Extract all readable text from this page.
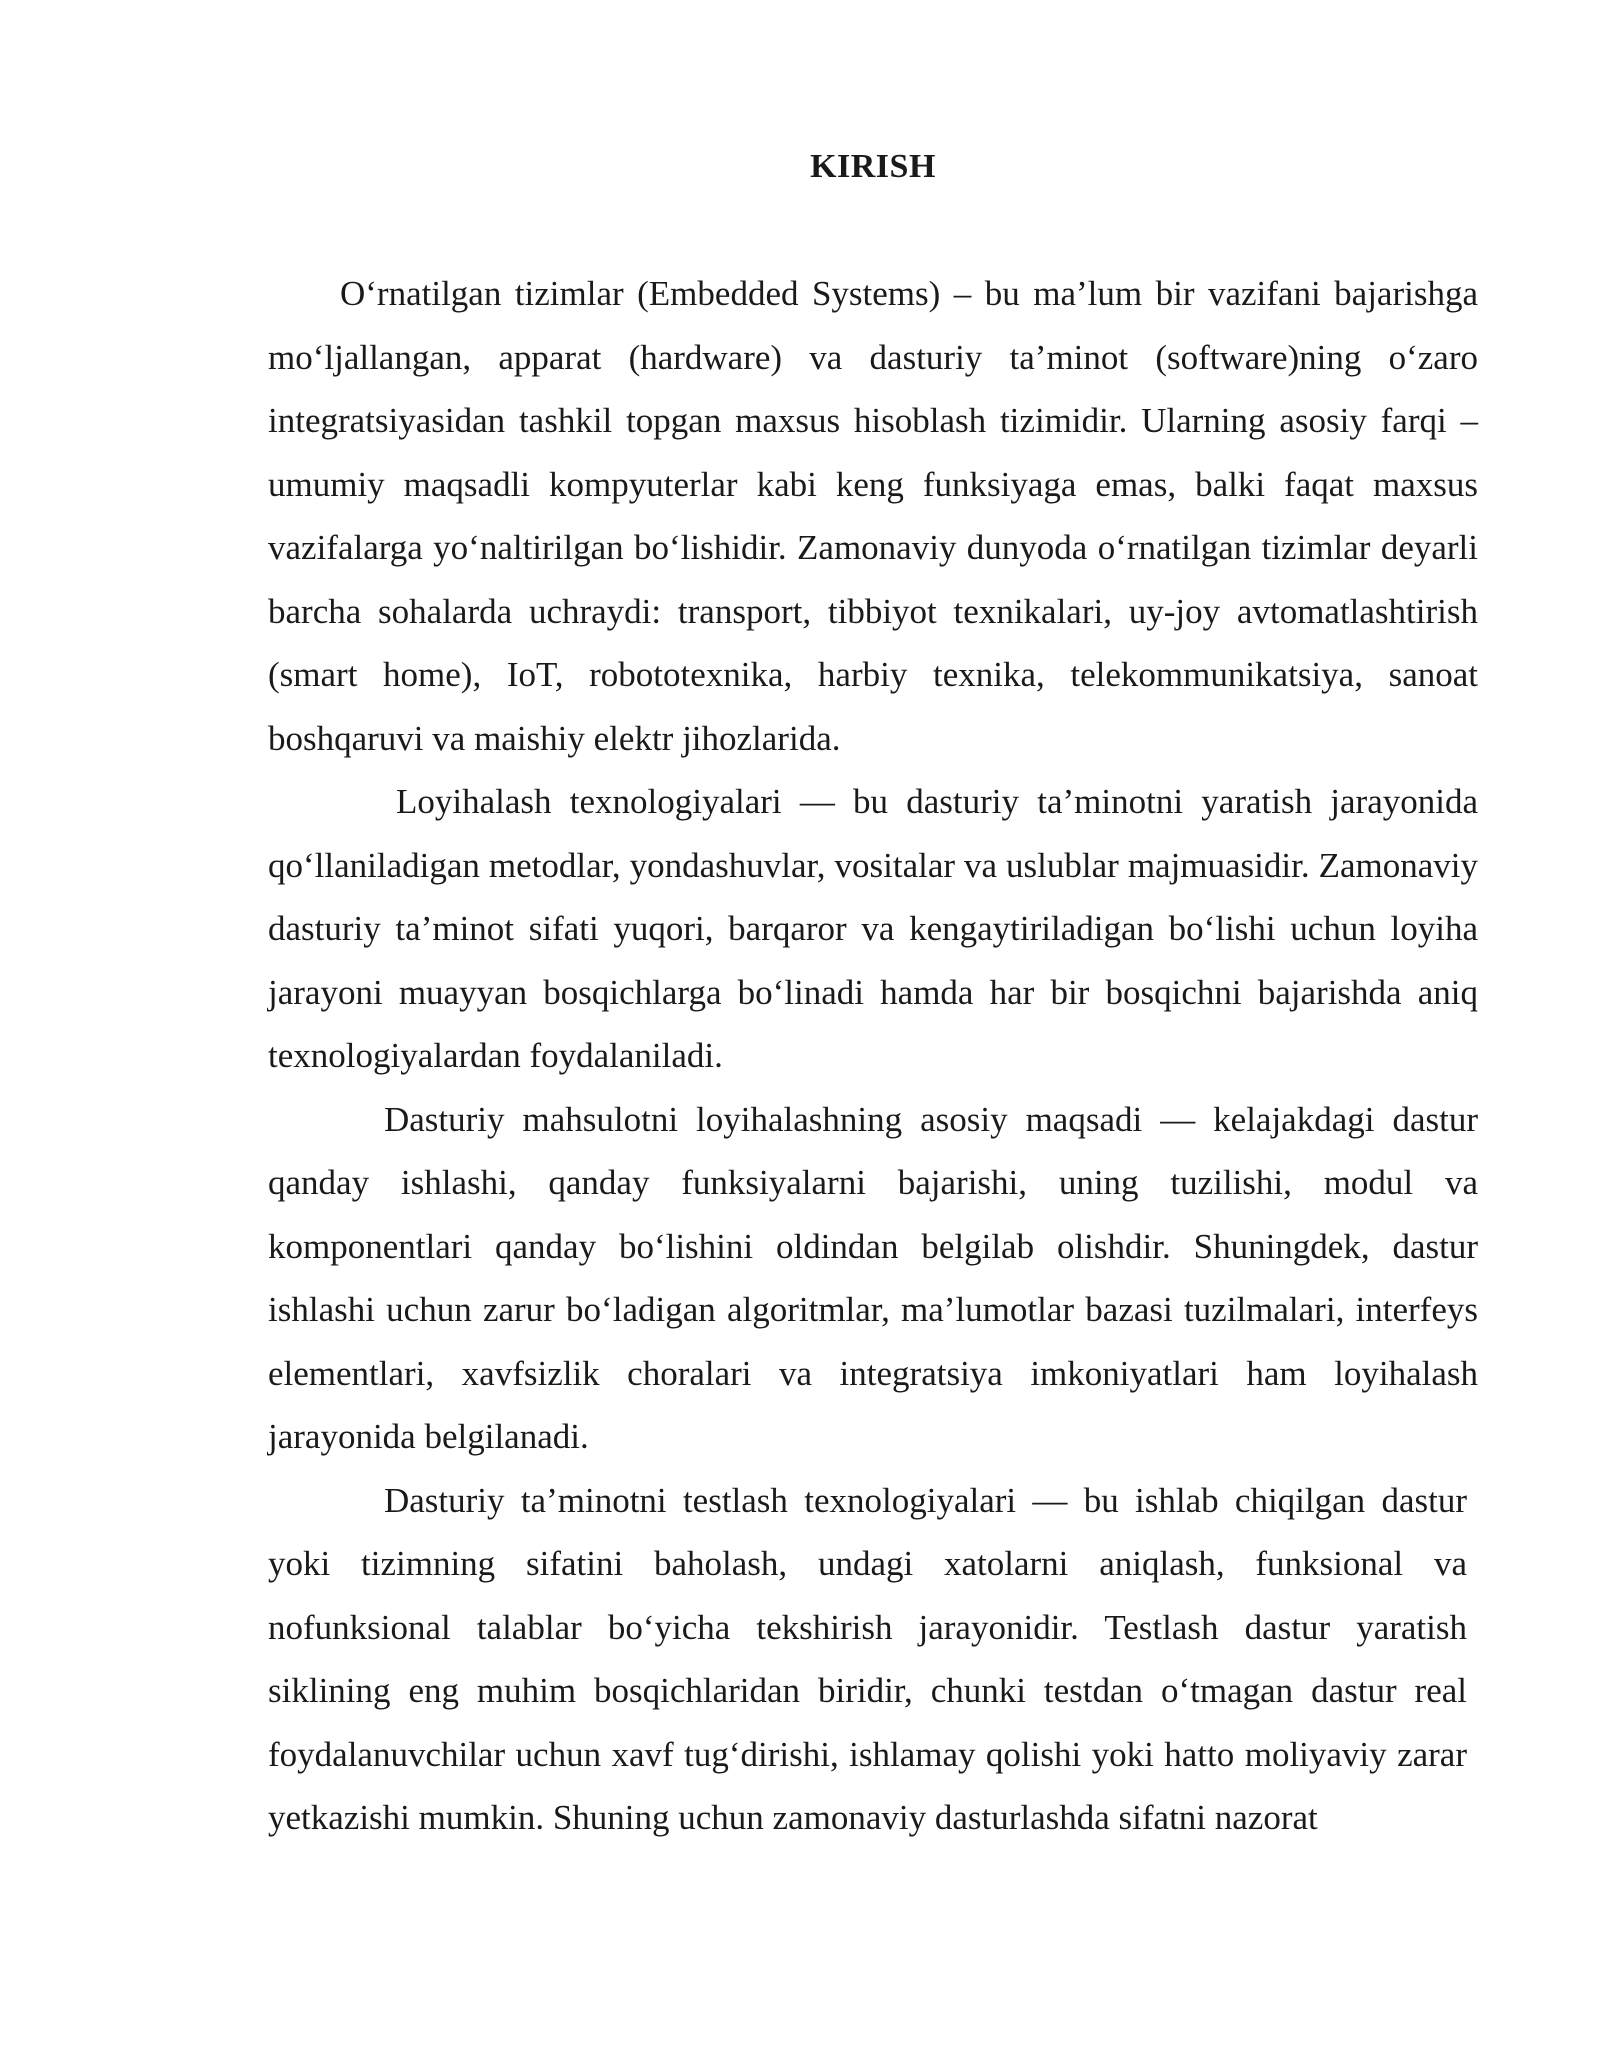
KIRISH

O‘rnatilgan tizimlar (Embedded Systems) – bu ma’lum bir vazifani bajarishga mo‘ljallangan, apparat (hardware) va dasturiy ta’minot (software)ning o‘zaro integratsiyasidan tashkil topgan maxsus hisoblash tizimidir. Ularning asosiy farqi – umumiy maqsadli kompyuterlar kabi keng funksiyaga emas, balki faqat maxsus vazifalarga yo‘naltirilgan bo‘lishidir. Zamonaviy dunyoda o‘rnatilgan tizimlar deyarli barcha sohalarda uchraydi: transport, tibbiyot texnikalari, uy-joy avtomatlashtirish (smart home), IoT, robototexnika, harbiy texnika, telekommunikatsiya, sanoat boshqaruvi va maishiy elektr jihozlarida.

Loyihalash texnologiyalari — bu dasturiy ta’minotni yaratish jarayonida qo‘llaniladigan metodlar, yondashuvlar, vositalar va uslublar majmuasidir. Zamonaviy dasturiy ta’minot sifati yuqori, barqaror va kengaytiriladigan bo‘lishi uchun loyiha jarayoni muayyan bosqichlarga bo‘linadi hamda har bir bosqichni bajarishda aniq texnologiyalardan foydalaniladi.

Dasturiy mahsulotni loyihalashning asosiy maqsadi — kelajakdagi dastur qanday ishlashi, qanday funksiyalarni bajarishi, uning tuzilishi, modul va komponentlari qanday bo‘lishini oldindan belgilab olishdir. Shuningdek, dastur ishlashi uchun zarur bo‘ladigan algoritmlar, ma’lumotlar bazasi tuzilmalari, interfeys elementlari, xavfsizlik choralari va integratsiya imkoniyatlari ham loyihalash jarayonida belgilanadi.

Dasturiy ta’minotni testlash texnologiyalari — bu ishlab chiqilgan dastur yoki tizimning sifatini baholash, undagi xatolarni aniqlash, funksional va nofunksional talablar bo‘yicha tekshirish jarayonidir. Testlash dastur yaratish siklining eng muhim bosqichlaridan biridir, chunki testdan o‘tmagan dastur real foydalanuvchilar uchun xavf tug‘dirishi, ishlamay qolishi yoki hatto moliyaviy zarar yetkazishi mumkin. Shuning uchun zamonaviy dasturlashda sifatni nazorat
